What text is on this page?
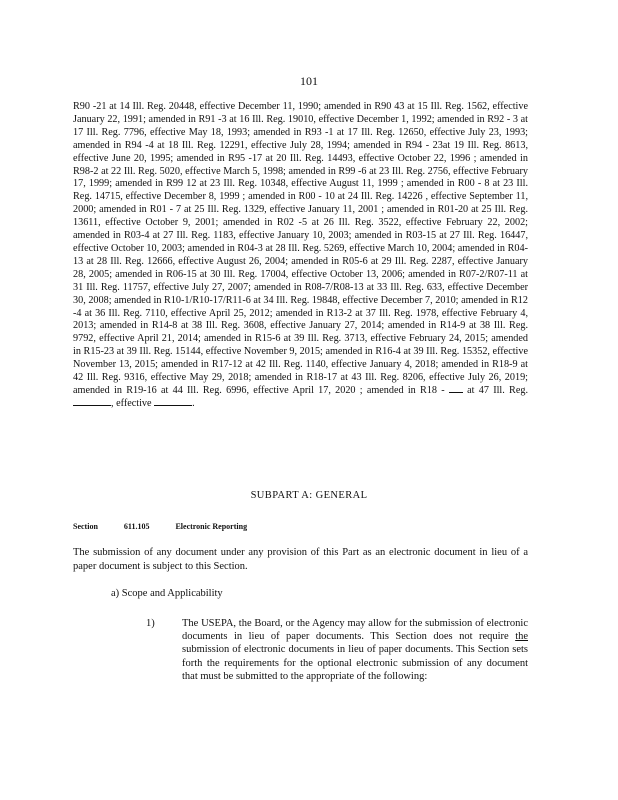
101

R90 -21 at 14 Ill. Reg. 20448, effective December 11, 1990; amended in R90 43 at 15 Ill. Reg. 1562, effective January 22, 1991; amended in R91 -3 at 16 Ill. Reg. 19010, effective December 1, 1992; amended in R92 - 3 at 17 Ill. Reg. 7796, effective May 18, 1993; amended in R93 -1 at 17 Ill. Reg. 12650, effective July 23, 1993; amended in R94 -4 at 18 Ill. Reg. 12291, effective July 28, 1994; amended in R94 - 23at 19 Ill. Reg. 8613, effective June 20, 1995; amended in R95 -17 at 20 Ill. Reg. 14493, effective October 22, 1996 ; amended in R98-2 at 22 Ill. Reg. 5020, effective March 5, 1998; amended in R99 -6 at 23 Ill. Reg. 2756, effective February 17, 1999; amended in R99 12 at 23 Ill. Reg. 10348, effective August 11, 1999 ; amended in R00 - 8 at 23 Ill. Reg. 14715, effective December 8, 1999 ; amended in R00 - 10 at 24 Ill. Reg. 14226 , effective September 11, 2000; amended in R01 - 7 at 25 Ill. Reg. 1329, effective January 11, 2001 ; amended in R01-20 at 25 Ill. Reg. 13611, effective October 9, 2001; amended in R02 -5 at 26 Ill. Reg. 3522, effective February 22, 2002; amended in R03-4 at 27 Ill. Reg. 1183, effective January 10, 2003; amended in R03-15 at 27 Ill. Reg. 16447, effective October 10, 2003; amended in R04-3 at 28 Ill. Reg. 5269, effective March 10, 2004; amended in R04-13 at 28 Ill. Reg. 12666, effective August 26, 2004; amended in R05-6 at 29 Ill. Reg. 2287, effective January 28, 2005; amended in R06-15 at 30 Ill. Reg. 17004, effective October 13, 2006; amended in R07-2/R07-11 at 31 Ill. Reg. 11757, effective July 27, 2007; amended in R08-7/R08-13 at 33 Ill. Reg. 633, effective December 30, 2008; amended in R10-1/R10-17/R11-6 at 34 Ill. Reg. 19848, effective December 7, 2010; amended in R12 -4 at 36 Ill. Reg. 7110, effective April 25, 2012; amended in R13-2 at 37 Ill. Reg. 1978, effective February 4, 2013; amended in R14-8 at 38 Ill. Reg. 3608, effective January 27, 2014; amended in R14-9 at 38 Ill. Reg. 9792, effective April 21, 2014; amended in R15-6 at 39 Ill. Reg. 3713, effective February 24, 2015; amended in R15-23 at 39 Ill. Reg. 15144, effective November 9, 2015; amended in R16-4 at 39 Ill. Reg. 15352, effective November 13, 2015; amended in R17-12 at 42 Ill. Reg. 1140, effective January 4, 2018; amended in R18-9 at 42 Ill. Reg. 9316, effective May 29, 2018; amended in R18-17 at 43 Ill. Reg. 8206, effective July 26, 2019; amended in R19-16 at 44 Ill. Reg. 6996, effective April 17, 2020 ; amended in R18 - at 47 Ill. Reg. , effective	.

SUBPART A: GENERAL
Section	611.105	Electronic Reporting

The submission of any document under any provision of this Part as an electronic document in lieu of a paper document is subject to this Section.

a) Scope and Applicability

1)	The USEPA, the Board, or the Agency may allow for the submission of electronic documents in lieu of paper documents. This Section does not require the submission of electronic documents in lieu of paper documents. This Section sets forth the requirements for the optional electronic submission of any document that must be submitted to the appropriate of the following:
